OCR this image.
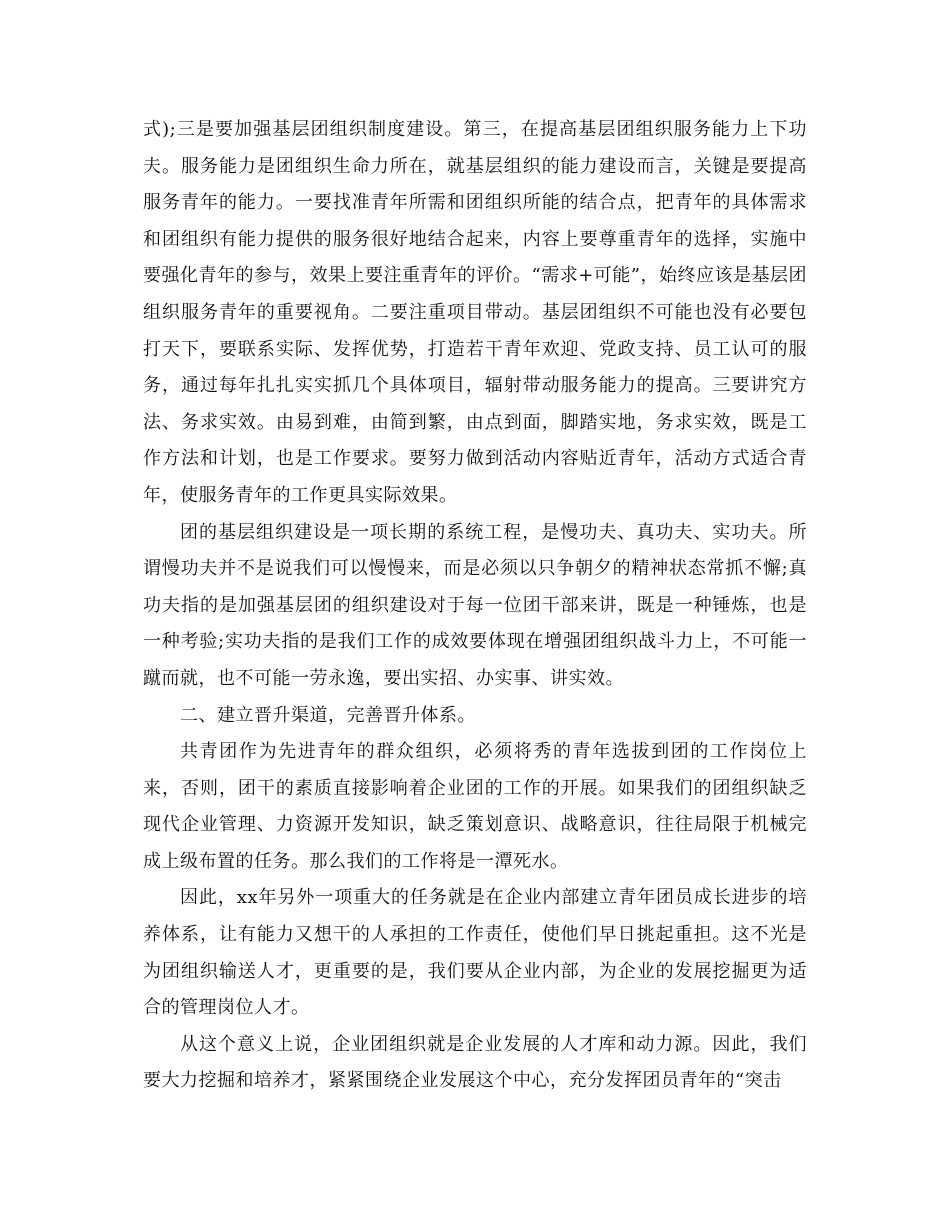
式);三是要加强基层团组织制度建设。第三，在提高基层团组织服务能力上下功夫。服务能力是团组织生命力所在，就基层组织的能力建设而言，关键是要提高服务青年的能力。一要找准青年所需和团组织所能的结合点，把青年的具体需求和团组织有能力提供的服务很好地结合起来，内容上要尊重青年的选择，实施中要强化青年的参与，效果上要注重青年的评价。“需求+可能”，始终应该是基层团组织服务青年的重要视角。二要注重项目带动。基层团组织不可能也没有必要包打天下，要联系实际、发挥优势，打造若干青年欢迎、党政支持、员工认可的服务，通过每年扎扎实实抓几个具体项目，辐射带动服务能力的提高。三要讲究方法、务求实效。由易到难，由简到繁，由点到面，脚踏实地，务求实效，既是工作方法和计划，也是工作要求。要努力做到活动内容贴近青年，活动方式适合青年，使服务青年的工作更具实际效果。

团的基层组织建设是一项长期的系统工程，是慢功夫、真功夫、实功夫。所谓慢功夫并不是说我们可以慢慢来，而是必须以只争朝夕的精神状态常抓不懈;真功夫指的是加强基层团的组织建设对于每一位团干部来讲，既是一种锤炼，也是一种考验;实功夫指的是我们工作的成效要体现在增强团组织战斗力上，不可能一蹴而就，也不可能一劳永逸，要出实招、办实事、讲实效。

二、建立晋升渠道，完善晋升体系。

共青团作为先进青年的群众组织，必须将秀的青年选拔到团的工作岗位上来，否则，团干的素质直接影响着企业团的工作的开展。如果我们的团组织缺乏现代企业管理、力资源开发知识，缺乏策划意识、战略意识，往往局限于机械完成上级布置的任务。那么我们的工作将是一潭死水。

因此，xx年另外一项重大的任务就是在企业内部建立青年团员成长进步的培养体系，让有能力又想干的人承担的工作责任，使他们早日挑起重担。这不光是为团组织输送人才，更重要的是，我们要从企业内部，为企业的发展挖掘更为适合的管理岗位人才。

从这个意义上说，企业团组织就是企业发展的人才库和动力源。因此，我们要大力挖掘和培养才，紧紧围绕企业发展这个中心，充分发挥团员青年的“突击
